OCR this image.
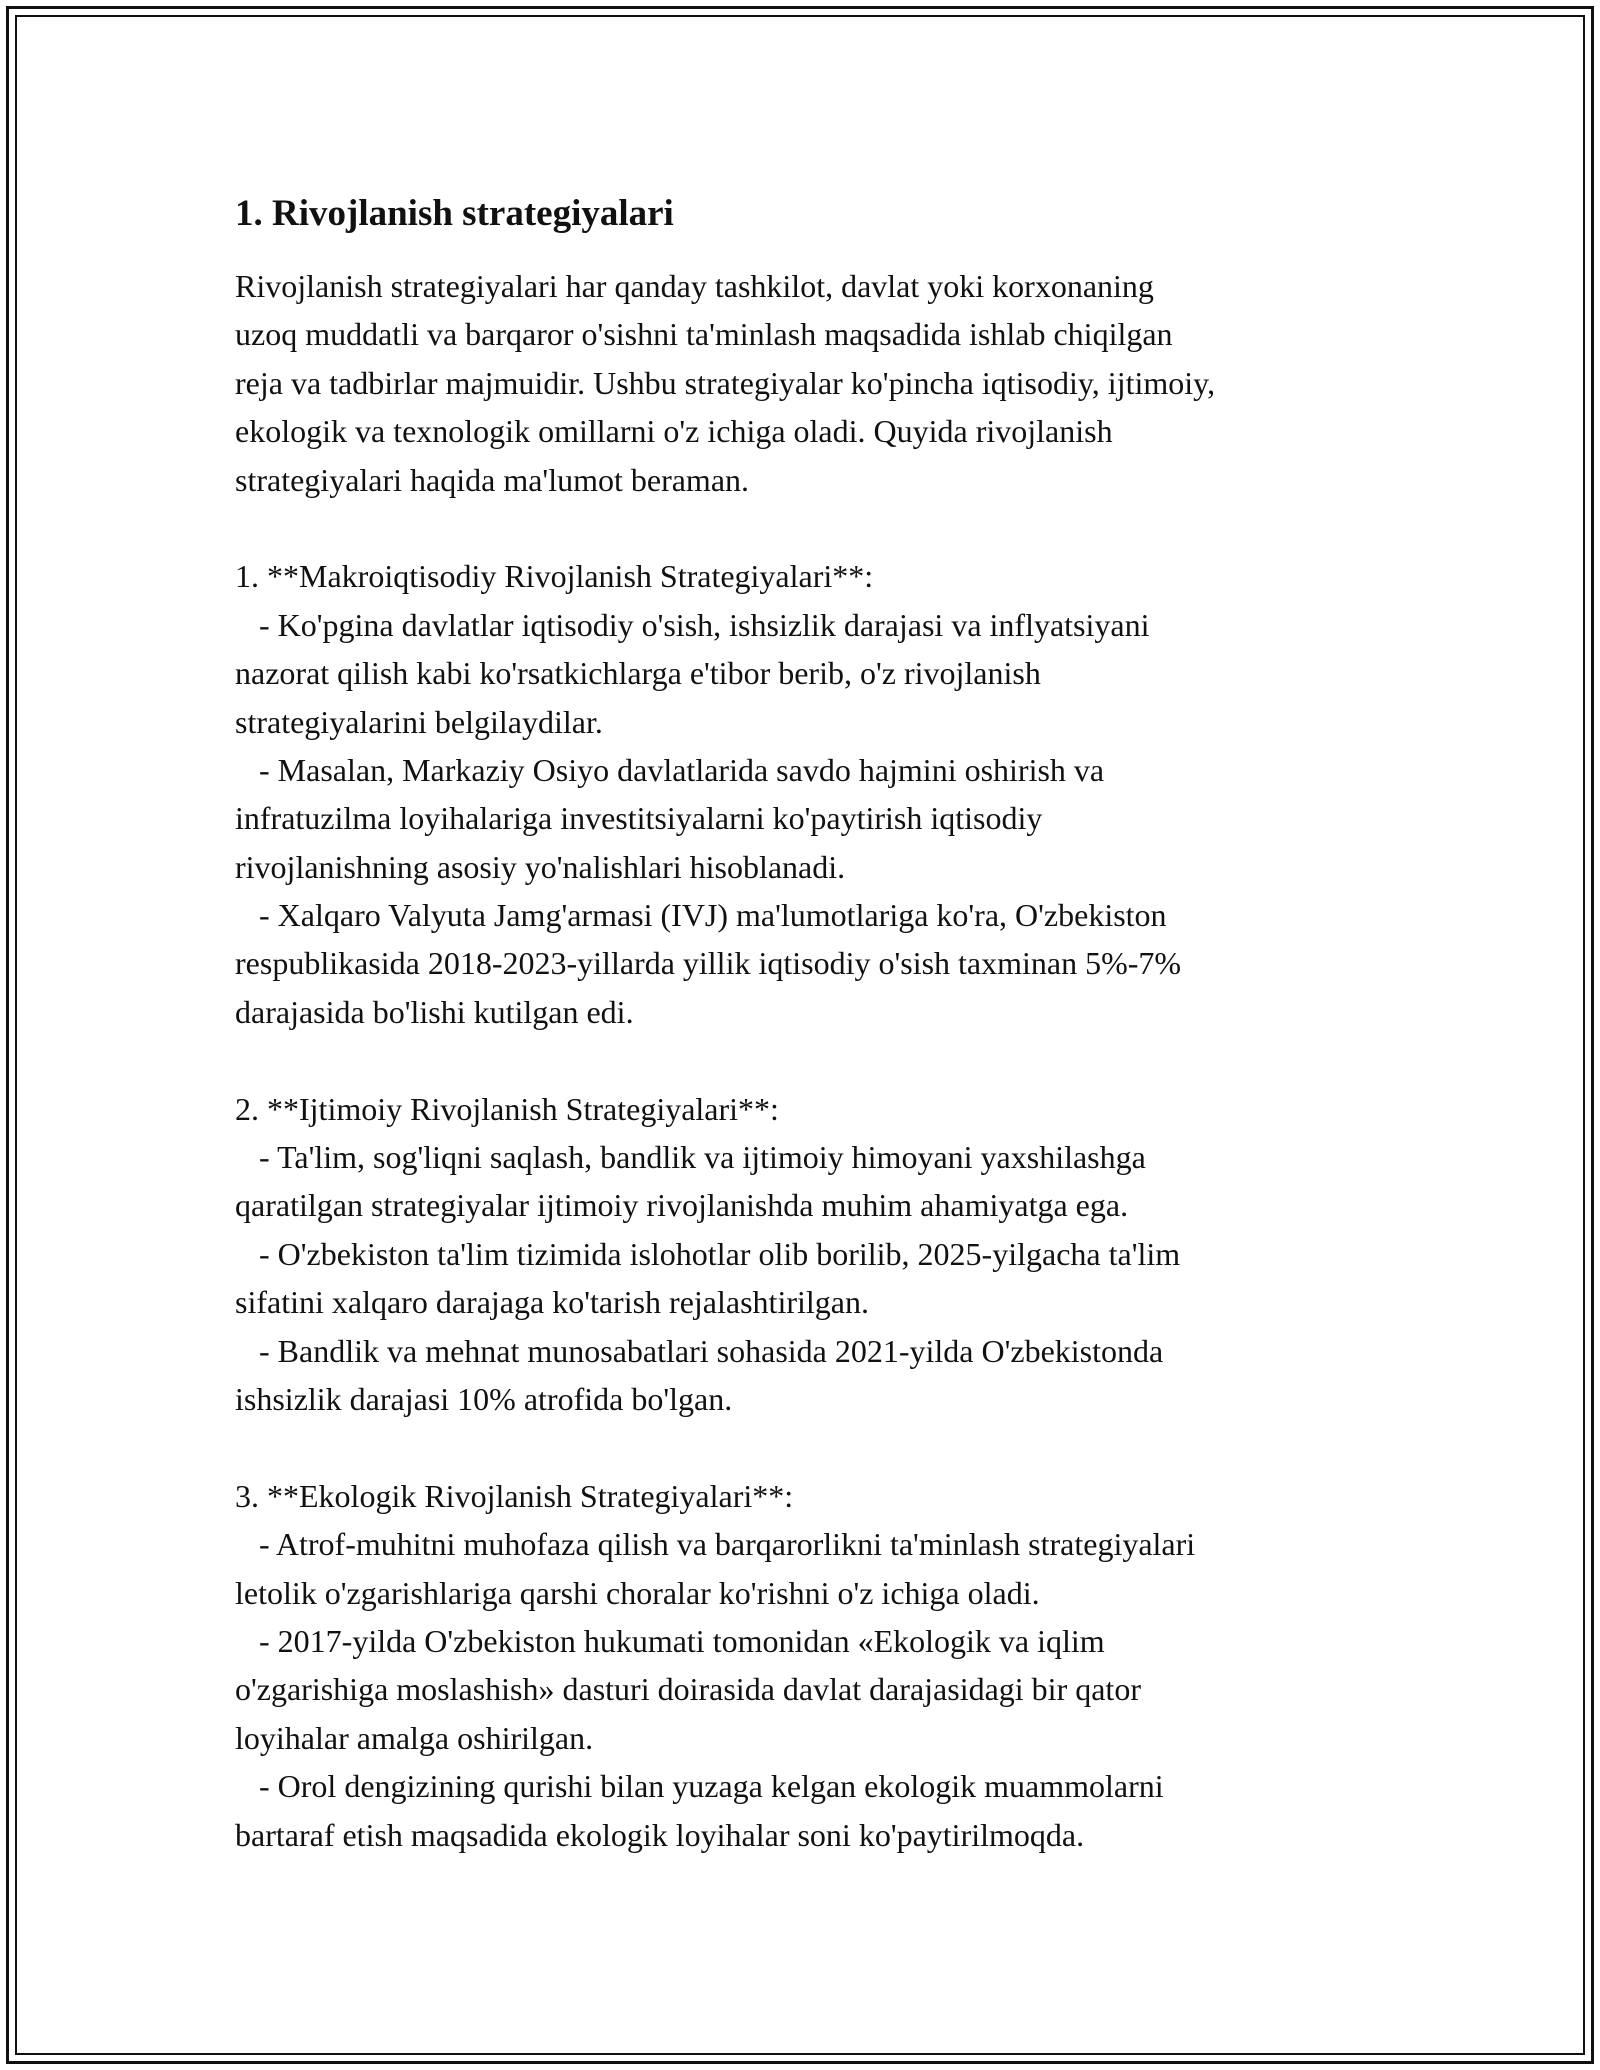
1. Rivojlanish strategiyalari
Rivojlanish strategiyalari har qanday tashkilot, davlat yoki korxonaning
uzoq muddatli va barqaror o'sishni ta'minlash maqsadida ishlab chiqilgan
reja va tadbirlar majmuidir. Ushbu strategiyalar ko'pincha iqtisodiy, ijtimoiy,
ekologik va texnologik omillarni o'z ichiga oladi. Quyida rivojlanish
strategiyalari haqida ma'lumot beraman.
1. **Makroiqtisodiy Rivojlanish Strategiyalari**:
- Ko'pgina davlatlar iqtisodiy o'sish, ishsizlik darajasi va inflyatsiyani
nazorat qilish kabi ko'rsatkichlarga e'tibor berib, o'z rivojlanish
strategiyalarini belgilaydilar.
- Masalan, Markaziy Osiyo davlatlarida savdo hajmini oshirish va
infratuzilma loyihalariga investitsiyalarni ko'paytirish iqtisodiy
rivojlanishning asosiy yo'nalishlari hisoblanadi.
- Xalqaro Valyuta Jamg'armasi (IVJ) ma'lumotlariga ko'ra, O'zbekiston
respublikasida 2018-2023-yillarda yillik iqtisodiy o'sish taxminan 5%-7%
darajasida bo'lishi kutilgan edi.
2. **Ijtimoiy Rivojlanish Strategiyalari**:
- Ta'lim, sog'liqni saqlash, bandlik va ijtimoiy himoyani yaxshilashga
qaratilgan strategiyalar ijtimoiy rivojlanishda muhim ahamiyatga ega.
- O'zbekiston ta'lim tizimida islohotlar olib borilib, 2025-yilgacha ta'lim
sifatini xalqaro darajaga ko'tarish rejalashtirilgan.
- Bandlik va mehnat munosabatlari sohasida 2021-yilda O'zbekistonda
ishsizlik darajasi 10% atrofida bo'lgan.
3. **Ekologik Rivojlanish Strategiyalari**:
- Atrof-muhitni muhofaza qilish va barqarorlikni ta'minlash strategiyalari
letolik o'zgarishlariga qarshi choralar ko'rishni o'z ichiga oladi.
- 2017-yilda O'zbekiston hukumati tomonidan «Ekologik va iqlim
o'zgarishiga moslashish» dasturi doirasida davlat darajasidagi bir qator
loyihalar amalga oshirilgan.
- Orol dengizining qurishi bilan yuzaga kelgan ekologik muammolarni
bartaraf etish maqsadida ekologik loyihalar soni ko'paytirilmoqda.
